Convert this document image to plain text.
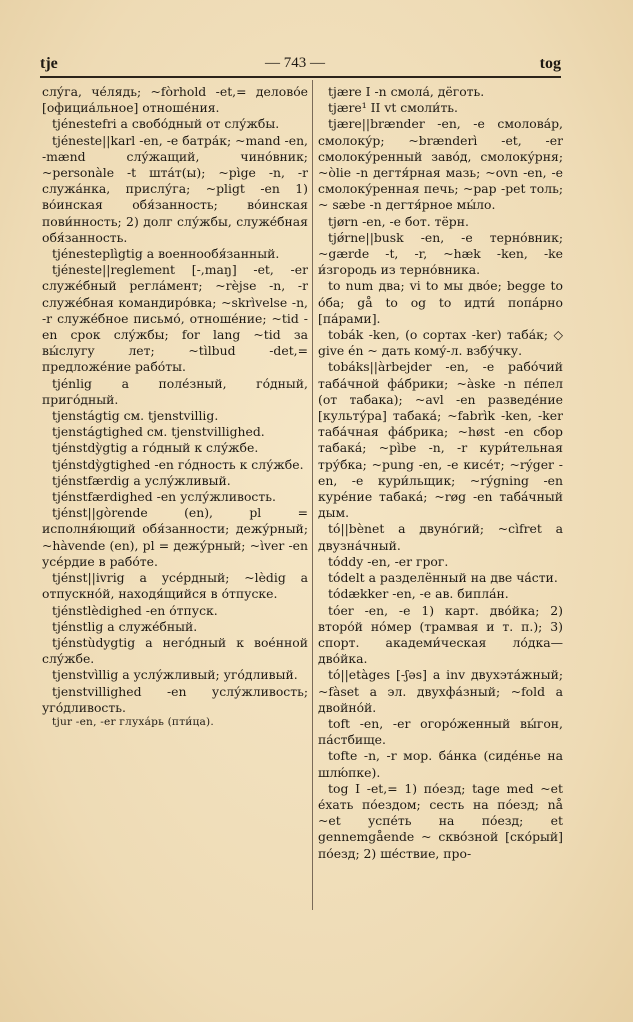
tje	— 743 —	tog

слу́га, че́лядь; ~fòrhold -et,= делово́е [официа́льное] отноше́ния.

tjénestefri a свобо́дный от слу́жбы.

tjéneste||karl -en, -e батра́к; ~mand -en, -mænd слу́жащий, чино́вник; ~personàle -t шта́т(ы); ~pìge -n, -r служа́нка, прислу́га; ~pligt -en 1) во́инская обя́занность; во́инская пови́нность; 2) долг слу́жбы, служе́бная обя́занность.

tjénesteplìgtig a военнообя́занный.

tjéneste||reglement [-,maŋ] -et, -er служе́бный регла́мент; ~rèjse -n, -r служе́бная командиро́вка; ~skrìvelse -n, -r служе́бное письмо́, отноше́ние; ~tid -en срок слу́жбы; for lang ~tid за вы́слугу лет; ~tìlbud -det,= предложе́ние рабо́ты.

tjénlig a поле́зный, го́дный, приго́дный.

tjenstágtig см. tjenstvillig.

tjenstágtighed см. tjenstvillighed.

tjénstdỳgtig a го́дный к слу́жбе.

tjénstdỳgtighed -en го́дность к слу́жбе.

tjénstfærdig a услу́жливый.

tjénstfærdighed -en услу́жливость.

tjénst||gòrende (en), pl = исполня́ющий обя́занности; дежу́рный; ~hàvende (en), pl = дежу́рный; ~ìver -en усе́рдие в рабо́те.

tjénst||ivrig a усе́рдный; ~lèdig a отпускно́й, находя́щийся в о́тпуске.

tjénstlèdighed -en о́тпуск.

tjénstlig a служе́бный.

tjénstùdygtig a него́дный к вое́нной слу́жбе.

tjenstvìllig a услу́жливый; уго́дливый.

tjenstvillighed -en услу́жливость; уго́дливость.

tjur -en, -er глуха́рь (пти́ца).

tjære I -n смола́, дёготь.

tjære¹ II vt смоли́ть.

tjære||brænder -en, -e смолова́р, смолоку́р; ~brænderì -et, -er смолоку́ренный заво́д, смолоку́рня; ~òlie -n дегтя́рная мазь; ~ovn -en, -e смолоку́ренная печь; ~pap -pet толь; ~ sæbe -n дегтя́рное мы́ло.

tjørn -en, -e бот. тёрн.

tjǿrne||busk -en, -e терно́вник; ~gærde -t, -r, ~hæk -ken, -ke и́згородь из терно́вника.

to num два; vi to мы дво́е; begge to о́ба; gå to og to идти́ попа́рно [па́рами].

tobák -ken, (о сортах -ker) таба́к; ◇ give én ~ дать кому́-л. взбу́чку.

tobáks||àrbejder -en, -e рабо́чий таба́чной фа́брики; ~àske -n пе́пел (от табака); ~avl -en разведе́ние [культу́ра] табака́; ~fabrìk -ken, -ker таба́чная фа́брика; ~høst -en сбор табака́; ~pìbe -n, -r кури́тельная тру́бка; ~pung -en, -e кисе́т; ~rýger -en, -e кури́льщик; ~rýgning -en куре́ние табака́; ~røg -en таба́чный дым.

tó||bènet a двуно́гий; ~cìfret a двузна́чный.

tóddy -en, -er грог.

tódelt a разделённый на две ча́сти.

tódækker -en, -e ав. бипла́н.

tóer -en, -e 1) карт. дво́йка; 2) второ́й но́мер (трамвая и т. п.); 3) спорт. академи́ческая ло́дка— дво́йка.

tó||etàges [-ʃəs] a inv двухэта́жный; ~fàset a эл. двухфа́зный; ~fold a двойно́й.

toft -en, -er огоро́женный вы́гон, па́стбище.

tofte -n, -r мор. ба́нка (сиде́нье на шлю́пке).

tog I -et,= 1) по́езд; tage med ~et е́хать по́ездом; сесть на по́езд; nå ~et успе́ть на по́езд; et gennemgående ~ скво́зной [ско́рый] по́езд; 2) ше́ствие, про-
